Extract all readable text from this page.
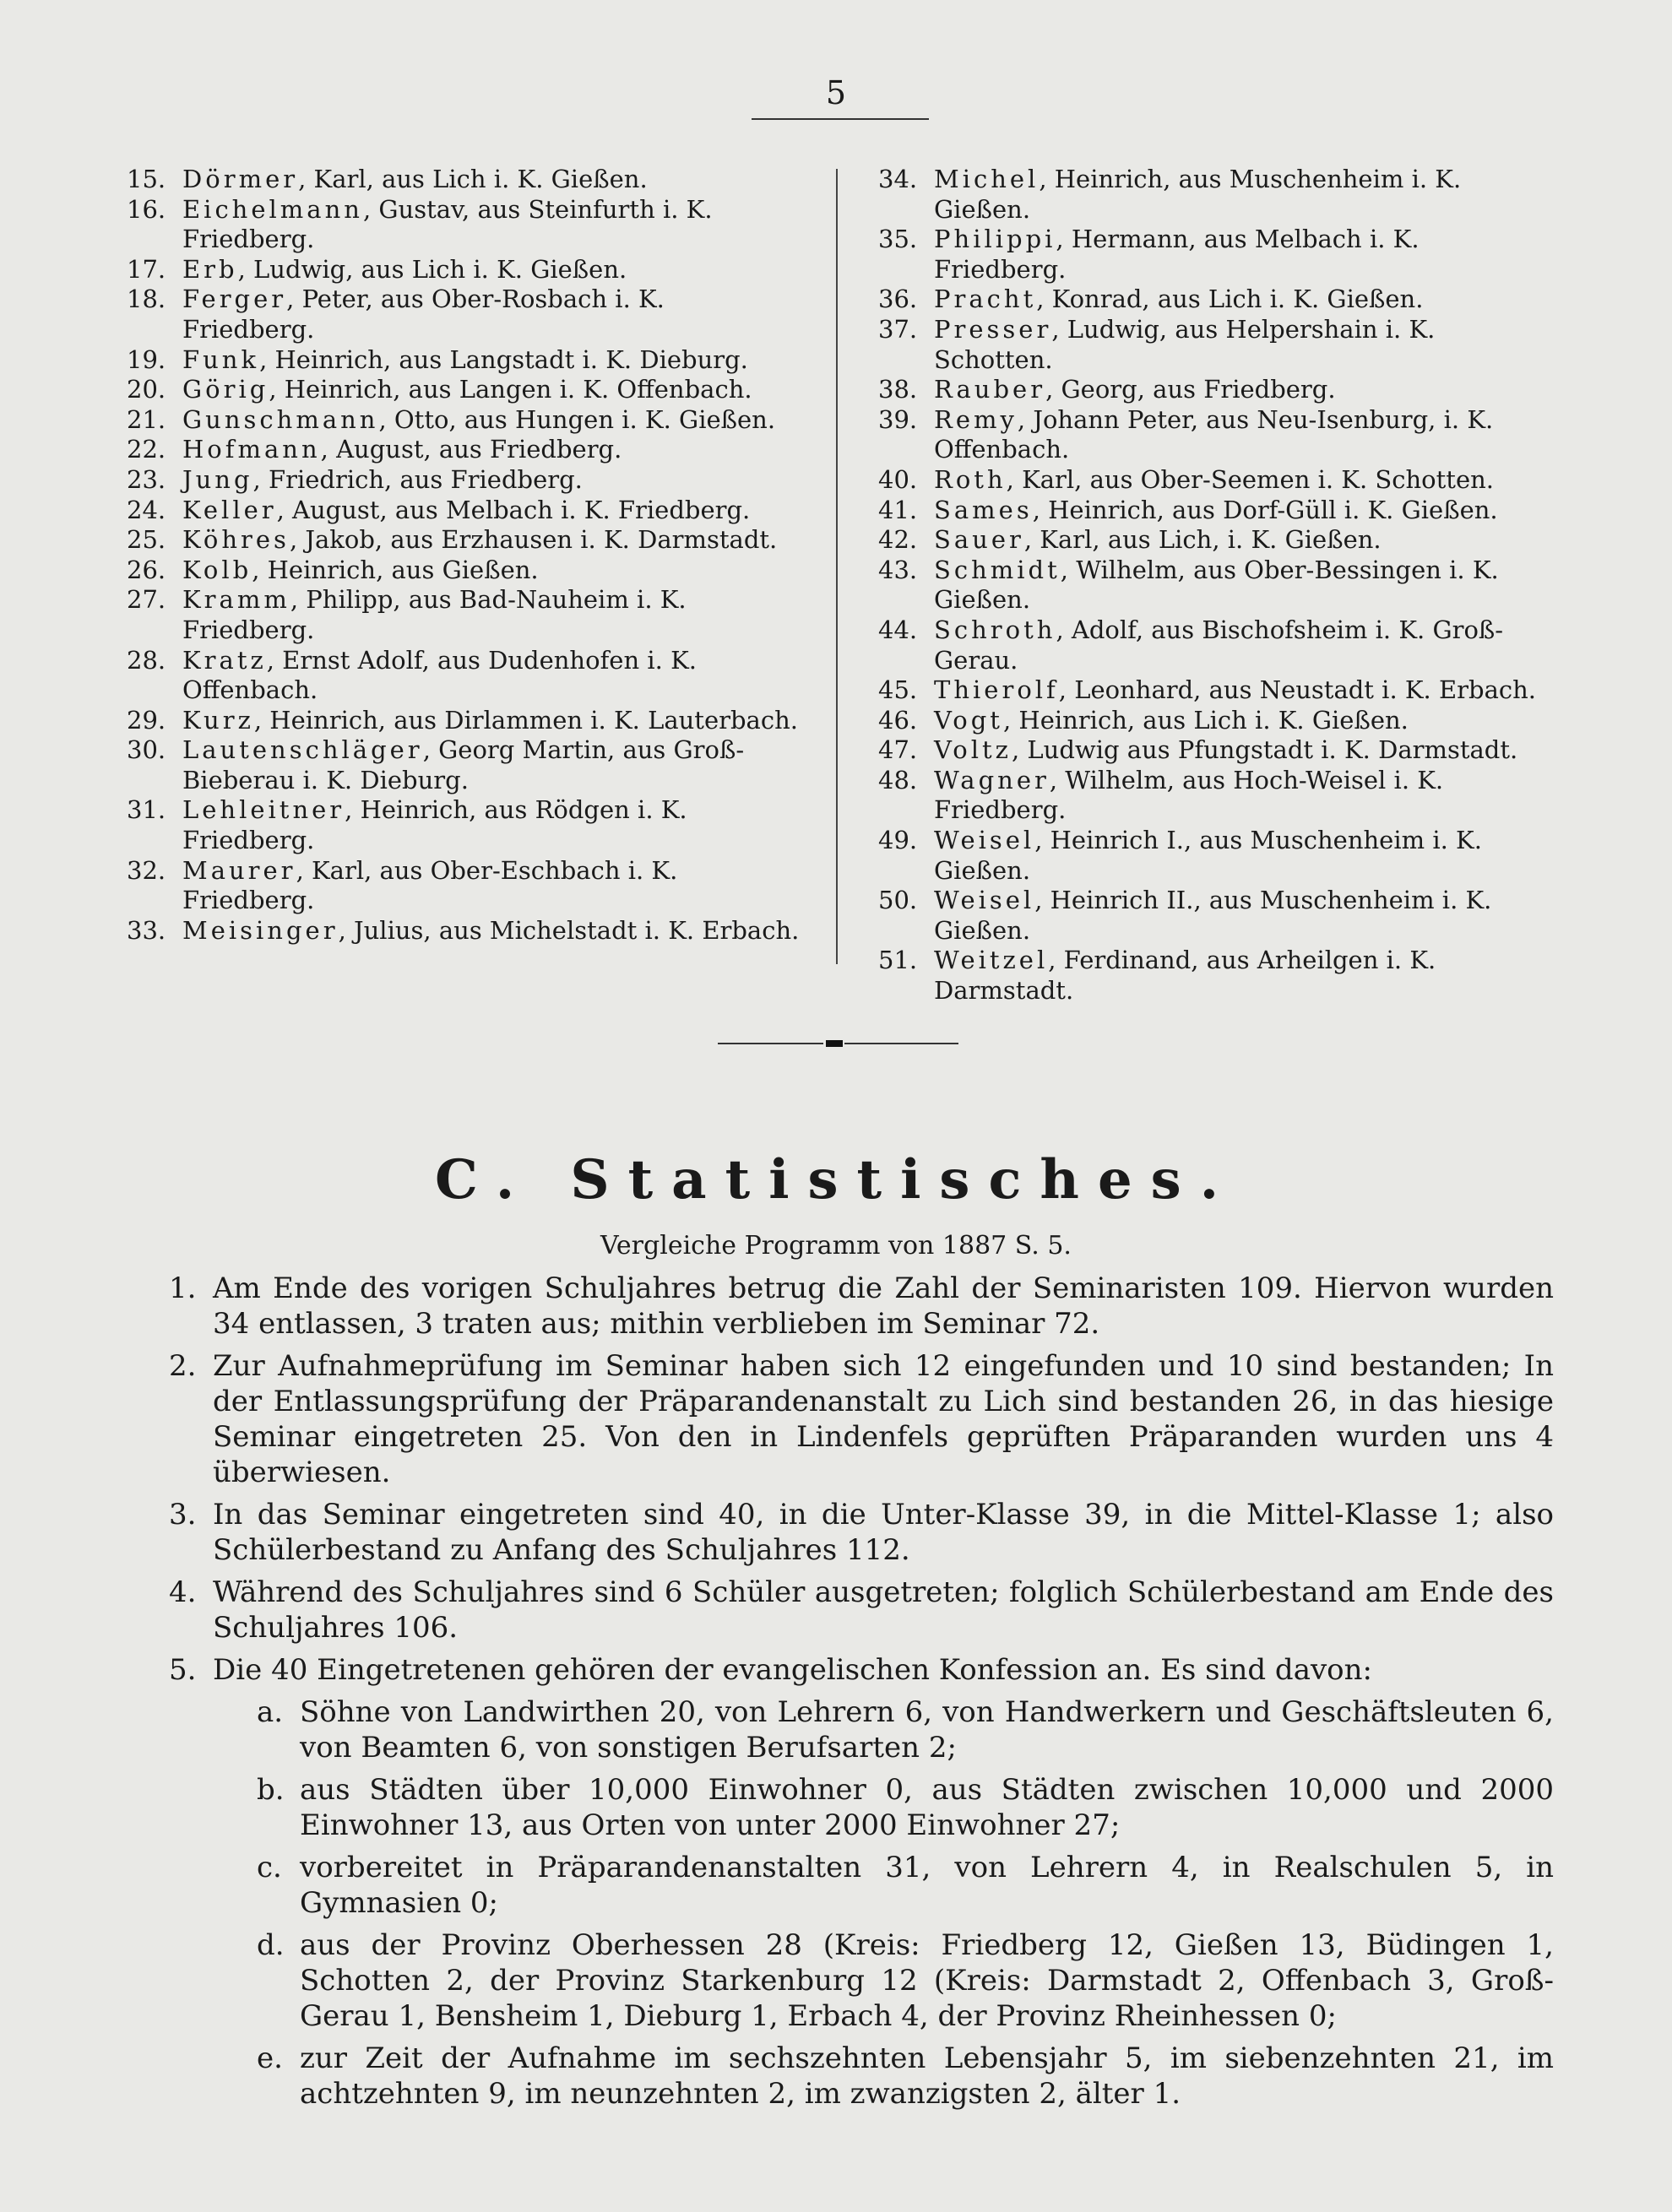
5
15. Dörmer, Karl, aus Lich i. K. Gießen.
16. Eichelmann, Gustav, aus Steinfurth i. K. Friedberg.
17. Erb, Ludwig, aus Lich i. K. Gießen.
18. Ferger, Peter, aus Ober-Rosbach i. K. Friedberg.
19. Funk, Heinrich, aus Langstadt i. K. Dieburg.
20. Görig, Heinrich, aus Langen i. K. Offenbach.
21. Gunschmann, Otto, aus Hungen i. K. Gießen.
22. Hofmann, August, aus Friedberg.
23. Jung, Friedrich, aus Friedberg.
24. Keller, August, aus Melbach i. K. Friedberg.
25. Köhres, Jakob, aus Erzhausen i. K. Darmstadt.
26. Kolb, Heinrich, aus Gießen.
27. Kramm, Philipp, aus Bad-Nauheim i. K. Friedberg.
28. Kratz, Ernst Adolf, aus Dudenhofen i. K. Offenbach.
29. Kurz, Heinrich, aus Dirlammen i. K. Lauterbach.
30. Lautenschläger, Georg Martin, aus Groß-Bieberau i. K. Dieburg.
31. Lehleitner, Heinrich, aus Rödgen i. K. Friedberg.
32. Maurer, Karl, aus Ober-Eschbach i. K. Friedberg.
33. Meisinger, Julius, aus Michelstadt i. K. Erbach.
34. Michel, Heinrich, aus Muschenheim i. K. Gießen.
35. Philippi, Hermann, aus Melbach i. K. Friedberg.
36. Pracht, Konrad, aus Lich i. K. Gießen.
37. Presser, Ludwig, aus Helpershain i. K. Schotten.
38. Rauber, Georg, aus Friedberg.
39. Remy, Johann Peter, aus Neu-Isenburg, i. K. Offenbach.
40. Roth, Karl, aus Ober-Seemen i. K. Schotten.
41. Sames, Heinrich, aus Dorf-Güll i. K. Gießen.
42. Sauer, Karl, aus Lich, i. K. Gießen.
43. Schmidt, Wilhelm, aus Ober-Bessingen i. K. Gießen.
44. Schroth, Adolf, aus Bischofsheim i. K. Groß-Gerau.
45. Thierolf, Leonhard, aus Neustadt i. K. Erbach.
46. Vogt, Heinrich, aus Lich i. K. Gießen.
47. Voltz, Ludwig aus Pfungstadt i. K. Darmstadt.
48. Wagner, Wilhelm, aus Hoch-Weisel i. K. Friedberg.
49. Weisel, Heinrich I., aus Muschenheim i. K. Gießen.
50. Weisel, Heinrich II., aus Muschenheim i. K. Gießen.
51. Weitzel, Ferdinand, aus Arheilgen i. K. Darmstadt.
C. Statistisches.
Vergleiche Programm von 1887 S. 5.
1. Am Ende des vorigen Schuljahres betrug die Zahl der Seminaristen 109. Hiervon wurden 34 entlassen, 3 traten aus; mithin verblieben im Seminar 72.
2. Zur Aufnahmeprüfung im Seminar haben sich 12 eingefunden und 10 sind bestanden; In der Entlassungsprüfung der Präparandenanstalt zu Lich sind bestanden 26, in das hiesige Seminar eingetreten 25. Von den in Lindenfels geprüften Präparanden wurden uns 4 überwiesen.
3. In das Seminar eingetreten sind 40, in die Unter-Klasse 39, in die Mittel-Klasse 1; also Schülerbestand zu Anfang des Schuljahres 112.
4. Während des Schuljahres sind 6 Schüler ausgetreten; folglich Schülerbestand am Ende des Schuljahres 106.
5. Die 40 Eingetretenen gehören der evangelischen Konfession an. Es sind davon:
a. Söhne von Landwirthen 20, von Lehrern 6, von Handwerkern und Geschäftsleuten 6, von Beamten 6, von sonstigen Berufsarten 2;
b. aus Städten über 10,000 Einwohner 0, aus Städten zwischen 10,000 und 2000 Einwohner 13, aus Orten von unter 2000 Einwohner 27;
c. vorbereitet in Präparandenanstalten 31, von Lehrern 4, in Realschulen 5, in Gymnasien 0;
d. aus der Provinz Oberhessen 28 (Kreis: Friedberg 12, Gießen 13, Büdingen 1, Schotten 2, der Provinz Starkenburg 12 (Kreis: Darmstadt 2, Offenbach 3, Groß-Gerau 1, Bensheim 1, Dieburg 1, Erbach 4, der Provinz Rheinhessen 0;
e. zur Zeit der Aufnahme im sechszehnten Lebensjahr 5, im siebenzehnten 21, im achtzehnten 9, im neunzehnten 2, im zwanzigsten 2, älter 1.
